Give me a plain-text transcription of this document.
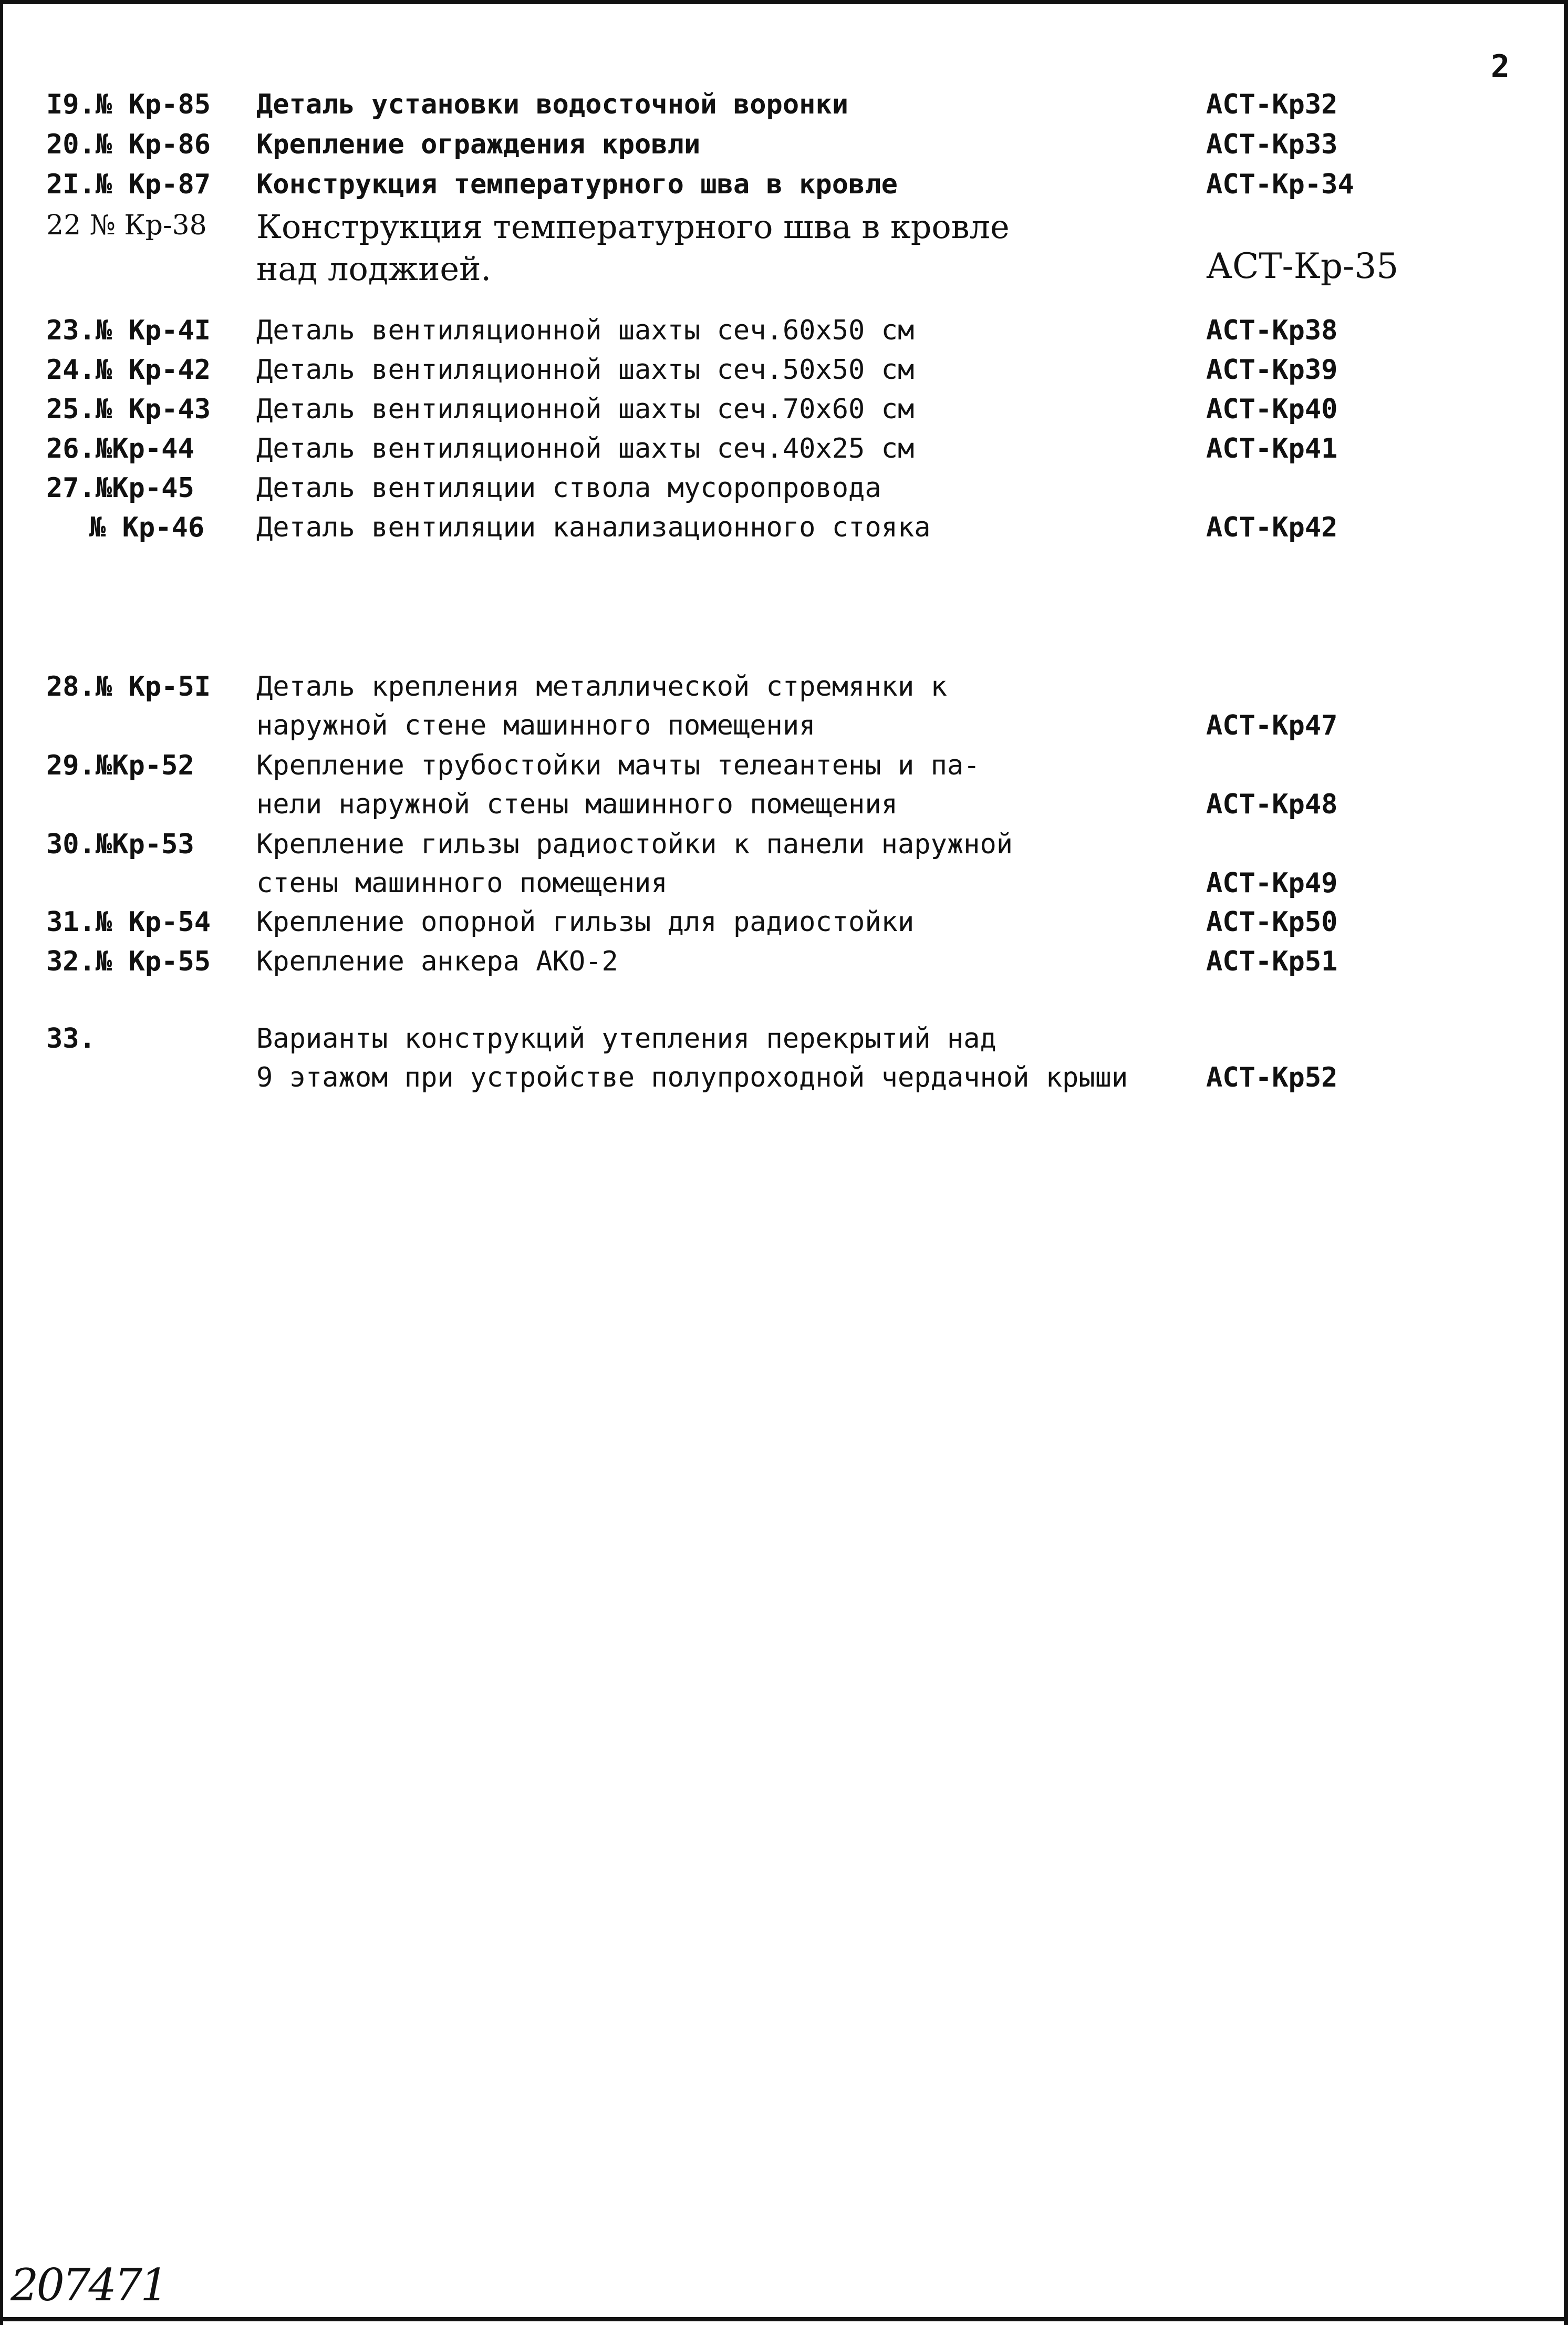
2
I9.№ Кр-85 Деталь установки водосточной воронки	АСТ-Кр32
20.№ Кр-86 Крепление ограждения кровли	АСТ-КрЗ3
2I.№ Кр-87 Конструкция температурного шва в кровле	АСТ-Кр-34
22 № Кр-38 Конструкция температурного шва в кровле
над лоджией.	АСТ-Кр-35
23.№ Кр-4I Деталь вентиляционной шахты сеч.60х50 см	АСТ-Кр38
24.№ Кр-42 Деталь вентиляционной шахты сеч.50х50 см	АСТ-Кр39
25.№ Кр-43 Деталь вентиляционной шахты сеч.70х60 см	АСТ-Кр40
26.№Кр-44 Деталь вентиляционной шахты сеч.40х25 см	АСТ-Кр41
27.№Кр-45 Деталь вентиляции ствола мусоропровода
№ Кр-46 Деталь вентиляции канализационного стояка	АСТ-Кр42
28.№ Кр-5I Деталь крепления металлической стремянки к
наружной стене машинного помещения	АСТ-Кр47
29.№Кр-52 Крепление трубостойки мачты телеантены и па-
нели наружной стены машинного помещения	АСТ-Кр48
30.№Кр-53 Крепление гильзы радиостойки к панели наружной
стены машинного помещения	АСТ-Кр49
31.№ Кр-54 Крепление опорной гильзы для радиостойки	АСТ-Кр50
32.№ Кр-55 Крепление анкера АКО-2	АСТ-Кр51
33.	Варианты конструкций утепления перекрытий над
9 этажом при устройстве полупроходной чердачной крыши	АСТ-Кр52
207471
